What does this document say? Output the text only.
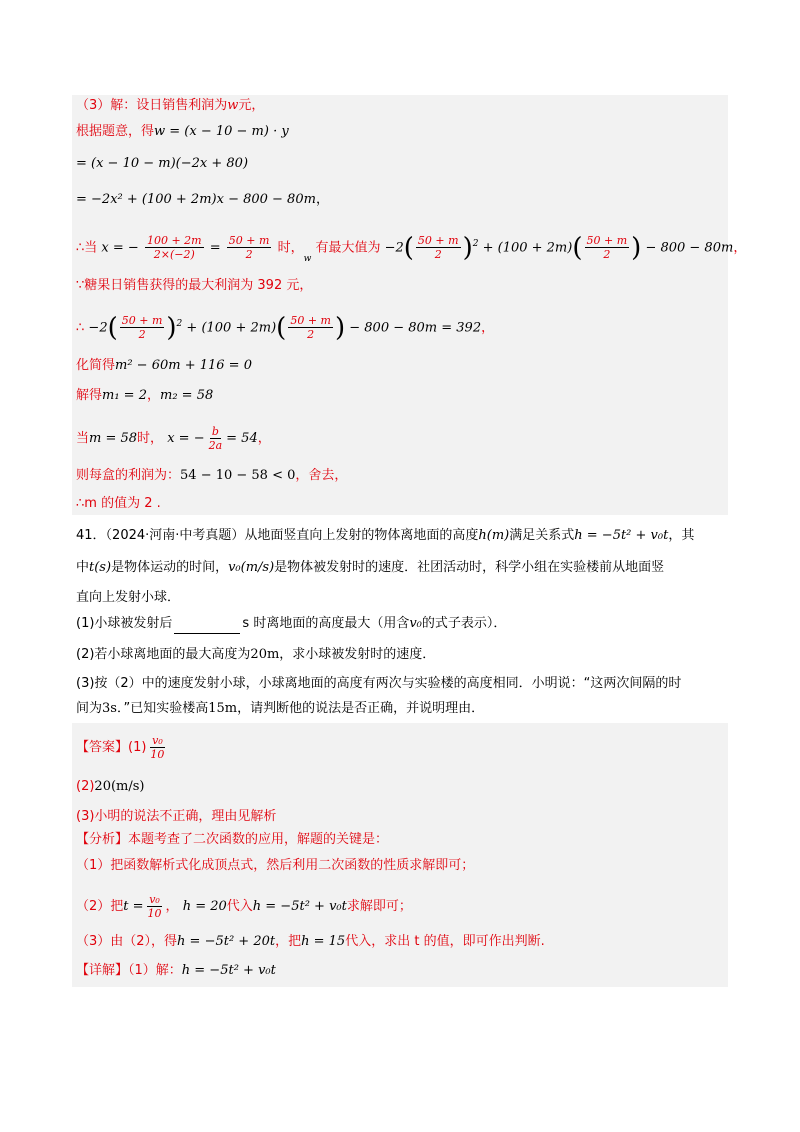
（3）解：设日销售利润为w元，
根据题意，得w = (x − 10 − m) · y
= (x − 10 − m)(−2x + 80)
= −2x² + (100 + 2m)x − 800 − 80m，
∴当 x = − $\frac{100 + 2m}{2\times(-2)} = \frac{50 + m}{2}$ 时，$_w$ 有最大值为 $-2( \frac{50 + m}{2} )^2 + (100 + 2m)( \frac{50 + m}{2}$ ) − 800 − 80m，
∵糖果日销售获得的最大利润为 392 元，
∴ $-2( \frac{50 + m}{2} )^2 + (100 + 2m)( \frac{50 + m}{2}$ ) − 800 − 80m = 392，
化简得m² − 60m + 116 = 0
解得m₁ = 2，m₂ = 58
当m = 58时， x = − $\frac{b}{2a} = 54$，
则每盒的利润为：54 − 10 − 58 < 0，舍去，
∴m 的值为 2 .
41．（2024·河南·中考真题）从地面竖直向上发射的物体离地面的高度h(m)满足关系式h = −5t² + v₀t，其
中t(s)是物体运动的时间，v₀(m/s)是物体被发射时的速度．社团活动时，科学小组在实验楼前从地面竖
直向上发射小球．
(1)小球被发射后	s 时离地面的高度最大（用含v₀的式子表示）．
(2)若小球离地面的最大高度为20m，求小球被发射时的速度．
(3)按（2）中的速度发射小球，小球离地面的高度有两次与实验楼的高度相同．小明说：“这两次间隔的时
间为3s．”已知实验楼高15m，请判断他的说法是否正确，并说明理由．
【答案】$(1) \frac{\text{v₀}}{10}$
(2)20(m/s)
(3)小明的说法不正确，理由见解析
【分析】本题考查了二次函数的应用，解题的关键是：
（1）把函数解析式化成顶点式，然后利用二次函数的性质求解即可；
（2）把$t = \frac{\text{v₀}}{10}$ ， h = 20代入h = −5t² + v₀t求解即可；
（3）由（2），得h = −5t² + 20t，把h = 15代入，求出 t 的值，即可作出判断.
【详解】（1）解：h = −5t² + v₀t
